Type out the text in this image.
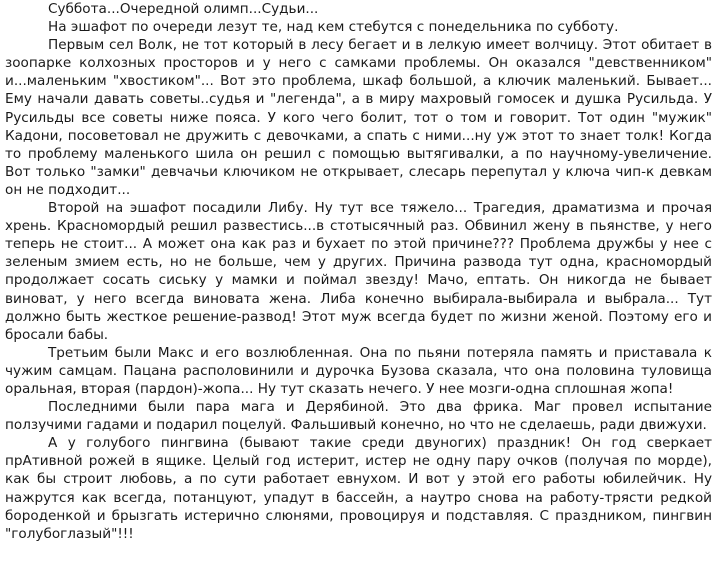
Суббота...Очередной олимп...Судьи...

На эшафот по очереди лезут те, над кем стебутся с понедельника по субботу.

Первым сел Волк, не тот который в лесу бегает и в лелкую имеет волчицу. Этот обитает в зоопарке колхозных просторов и у него с самками проблемы. Он оказался "девственником" и...маленьким "хвостиком"... Вот это проблема, шкаф большой, а ключик маленький. Бывает... Ему начали давать советы..судья и "легенда", а в миру махровый гомосек и душка Русильда. У Русильды все советы ниже пояса. У кого чего болит, тот о том и говорит. Тот один "мужик" Кадони, посоветовал не дружить с девочками, а спать с ними...ну уж этот то знает толк! Когда то проблему маленького шила он решил с помощью вытягивалки, а по научному-увеличение. Вот только "замки" девчачьи ключиком не открывает, слесарь перепутал у ключа чип-к девкам он не подходит...

Второй на эшафот посадили Либу. Ну тут все тяжело... Трагедия, драматизма и прочая хрень. Красномордый решил развестись...в стотысячный раз. Обвинил жену в пьянстве, у него теперь не стоит... А может она как раз и бухает по этой причине??? Проблема дружбы у нее с зеленым змием есть, но не больше, чем у других. Причина развода тут одна, красномордый продолжает сосать сиську у мамки и поймал звезду! Мачо, ептать. Он никогда не бывает виноват, у него всегда виновата жена. Либа конечно выбирала-выбирала и выбрала... Тут должно быть жесткое решение-развод! Этот муж всегда будет по жизни женой. Поэтому его и бросали бабы.

Третьим были Макс и его возлюбленная. Она по пьяни потеряла память и приставала к чужим самцам. Пацана располовинили и дурочка Бузова сказала, что она половина туловища оральная, вторая (пардон)-жопа... Ну тут сказать нечего. У нее мозги-одна сплошная жопа!

Последними были пара мага и Дерябиной. Это два фрика. Маг провел испытание ползучими гадами и подарил поцелуй. Фальшивый конечно, но что не сделаешь, ради движухи.

А у голубого пингвина (бывают такие среди двуногих) праздник! Он год сверкает прАтивной рожей в ящике. Целый год истерит, истер не одну пару очков (получая по морде), как бы строит любовь, а по сути работает евнухом. И вот у этой его работы юбилейчик. Ну нажрутся как всегда, потанцуют, упадут в бассейн, а наутро снова на работу-трясти редкой бороденкой и брызгать истерично слюнями, провоцируя и подставляя. С праздником, пингвин "голубоглазый"!!!
